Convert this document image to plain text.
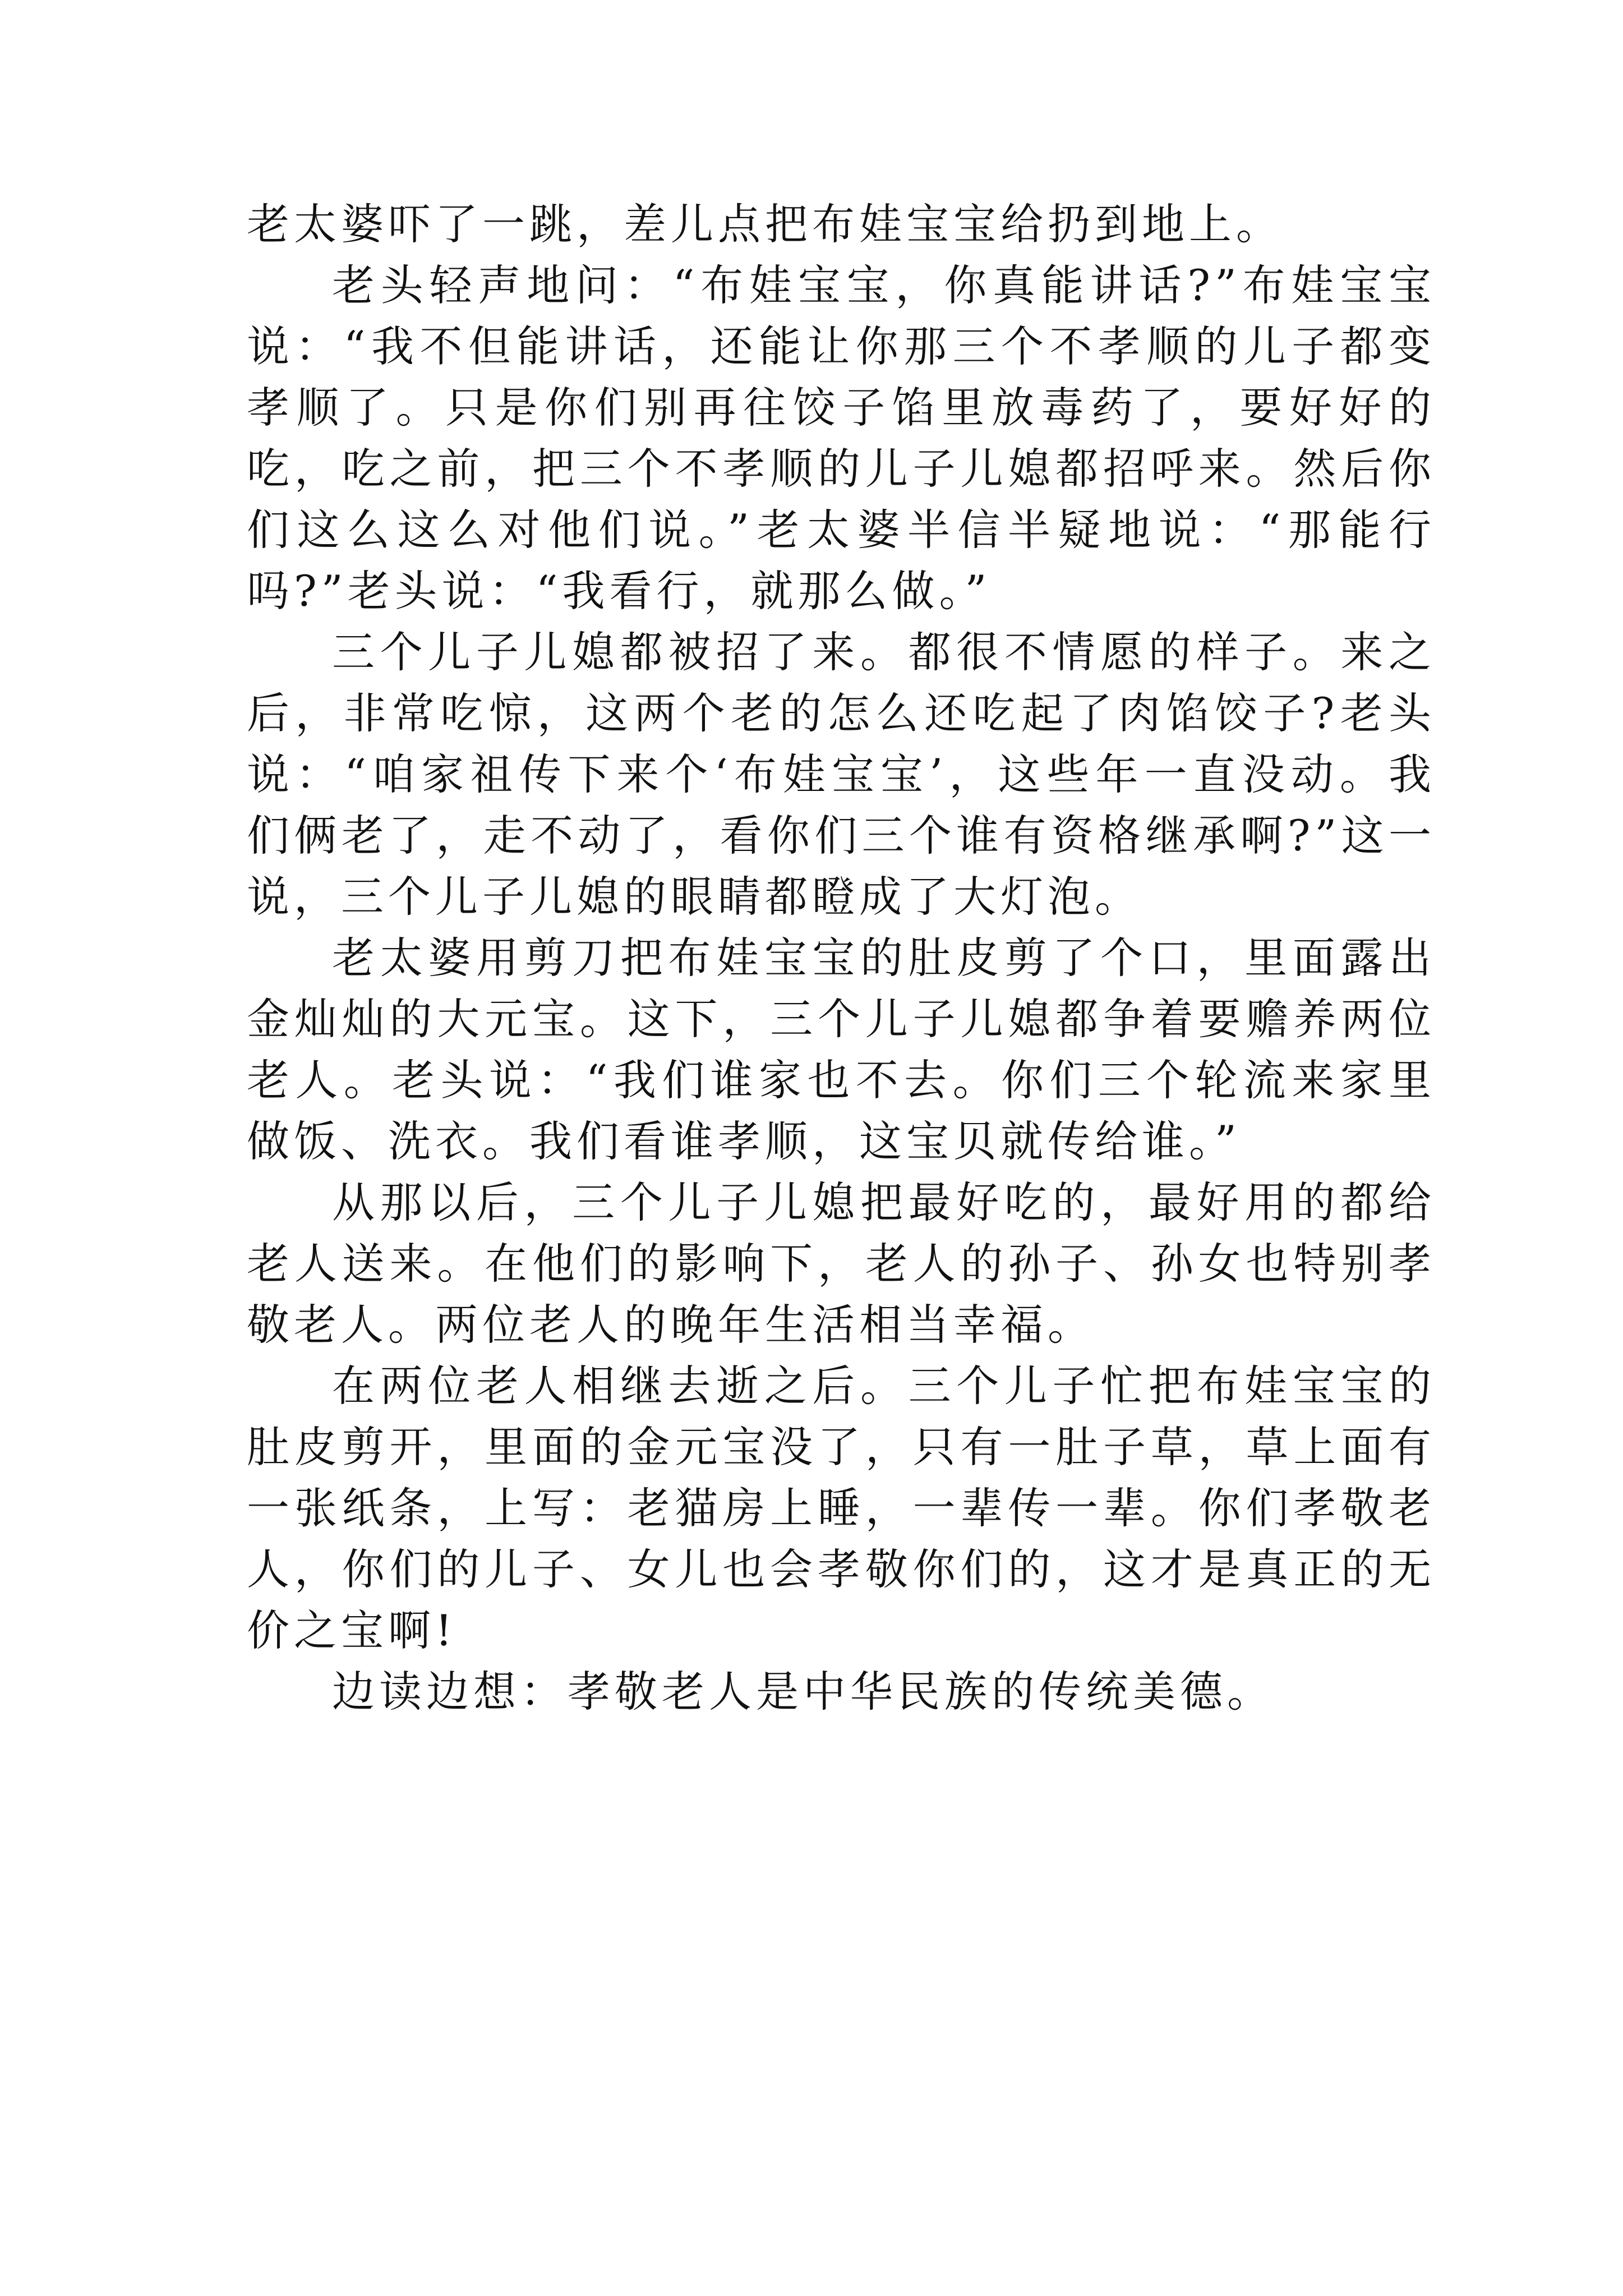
老太婆吓了一跳，差儿点把布娃宝宝给扔到地上。

老头轻声地问：“布娃宝宝，你真能讲话?”布娃宝宝说：“我不但能讲话，还能让你那三个不孝顺的儿子都变孝顺了。只是你们别再往饺子馅里放毒药了，要好好的吃，吃之前，把三个不孝顺的儿子儿媳都招呼来。然后你们这么这么对他们说。”老太婆半信半疑地说：“那能行吗?”老头说：“我看行，就那么做。”

三个儿子儿媳都被招了来。都很不情愿的样子。来之后，非常吃惊，这两个老的怎么还吃起了肉馅饺子?老头说：“咱家祖传下来个‘布娃宝宝’，这些年一直没动。我们俩老了，走不动了，看你们三个谁有资格继承啊?”这一说，三个儿子儿媳的眼睛都瞪成了大灯泡。

老太婆用剪刀把布娃宝宝的肚皮剪了个口，里面露出金灿灿的大元宝。这下，三个儿子儿媳都争着要赡养两位老人。老头说：“我们谁家也不去。你们三个轮流来家里做饭、洗衣。我们看谁孝顺，这宝贝就传给谁。”

从那以后，三个儿子儿媳把最好吃的，最好用的都给老人送来。在他们的影响下，老人的孙子、孙女也特别孝敬老人。两位老人的晚年生活相当幸福。

在两位老人相继去逝之后。三个儿子忙把布娃宝宝的肚皮剪开，里面的金元宝没了，只有一肚子草，草上面有一张纸条，上写：老猫房上睡，一辈传一辈。你们孝敬老人，你们的儿子、女儿也会孝敬你们的，这才是真正的无价之宝啊!

边读边想：孝敬老人是中华民族的传统美德。
